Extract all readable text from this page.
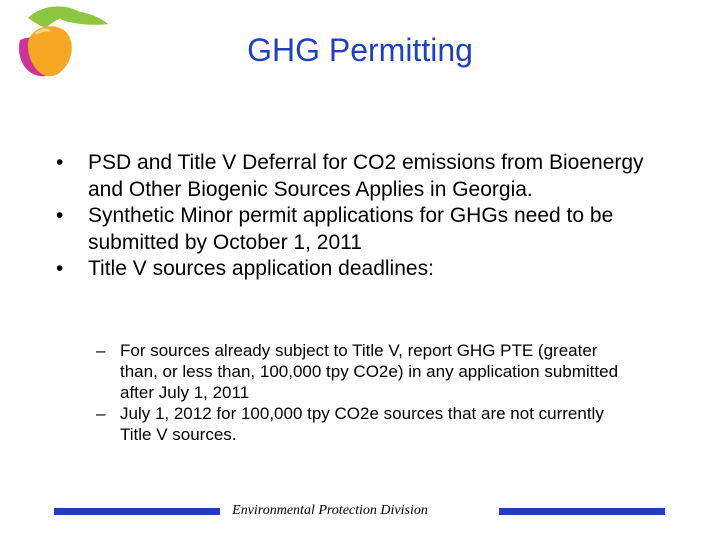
GHG Permitting
• PSD and Title V Deferral for CO2 emissions from Bioenergy and Other Biogenic Sources Applies in Georgia.
• Synthetic Minor permit applications for GHGs need to be submitted by October 1, 2011
• Title V sources application deadlines:
– For sources already subject to Title V, report GHG PTE (greater than, or less than, 100,000 tpy CO2e) in any application submitted after July 1, 2011
– July 1, 2012 for 100,000 tpy CO2e sources that are not currently Title V sources.
Environmental Protection Division
